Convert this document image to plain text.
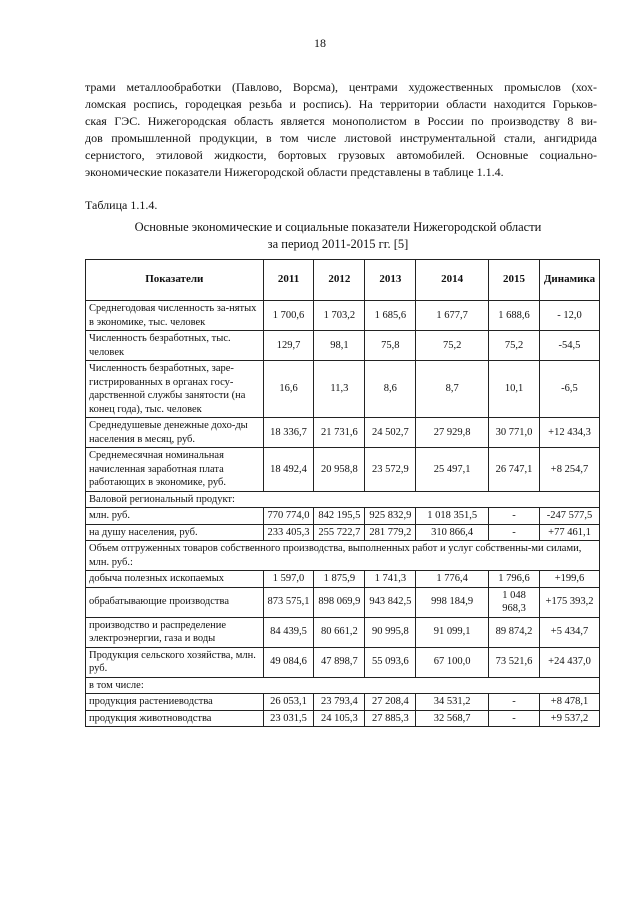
18
трами металлообработки (Павлово, Ворсма), центрами художественных промыслов (хох-
ломская роспись, городецкая резьба и роспись). На территории области находится Горьков-
ская ГЭС. Нижегородская область является монополистом в России по производству 8 ви-
дов промышленной продукции, в том числе листовой инструментальной стали, ангидрида
сернистого, этиловой жидкости, бортовых грузовых автомобилей. Основные социально-
экономические показатели Нижегородской области представлены в таблице 1.1.4.
Таблица 1.1.4.
Основные экономические и социальные показатели Нижегородской области
за период 2011-2015 гг. [5]
Показатели	2011	2012	2013	2014	2015	Динамика
Среднегодовая численность за-нятых в экономике, тыс. человек	1 700,6	1 703,2	1 685,6	1 677,7	1 688,6	- 12,0
Численность безработных, тыс. человек	129,7	98,1	75,8	75,2	75,2	-54,5
Численность безработных, заре-гистрированных в органах госу-дарственной службы занятости (на конец года), тыс. человек	16,6	11,3	8,6	8,7	10,1	-6,5
Среднедушевые денежные дохо-ды населения в месяц, руб.	18 336,7	21 731,6	24 502,7	27 929,8	30 771,0	+12 434,3
Среднемесячная номинальная начисленная заработная плата работающих в экономике, руб.	18 492,4	20 958,8	23 572,9	25 497,1	26 747,1	+8 254,7
Валовой региональный продукт:						
млн. руб.	770 774,0	842 195,5	925 832,9	1 018 351,5	-	-247 577,5
на душу населения, руб.	233 405,3	255 722,7	281 779,2	310 866,4	-	+77 461,1
Объем отгруженных товаров собственного производства, выполненных работ и услуг собственны-ми силами, млн. руб.:						
добыча полезных ископаемых	1 597,0	1 875,9	1 741,3	1 776,4	1 796,6	+199,6
обрабатывающие производства	873 575,1	898 069,9	943 842,5	998 184,9	1 048 968,3	+175 393,2
производство и распределение электроэнергии, газа и воды	84 439,5	80 661,2	90 995,8	91 099,1	89 874,2	+5 434,7
Продукция сельского хозяйства, млн. руб.	49 084,6	47 898,7	55 093,6	67 100,0	73 521,6	+24 437,0
в том числе:						
продукция растениеводства	26 053,1	23 793,4	27 208,4	34 531,2	-	+8 478,1
продукция животноводства	23 031,5	24 105,3	27 885,3	32 568,7	-	+9 537,2
